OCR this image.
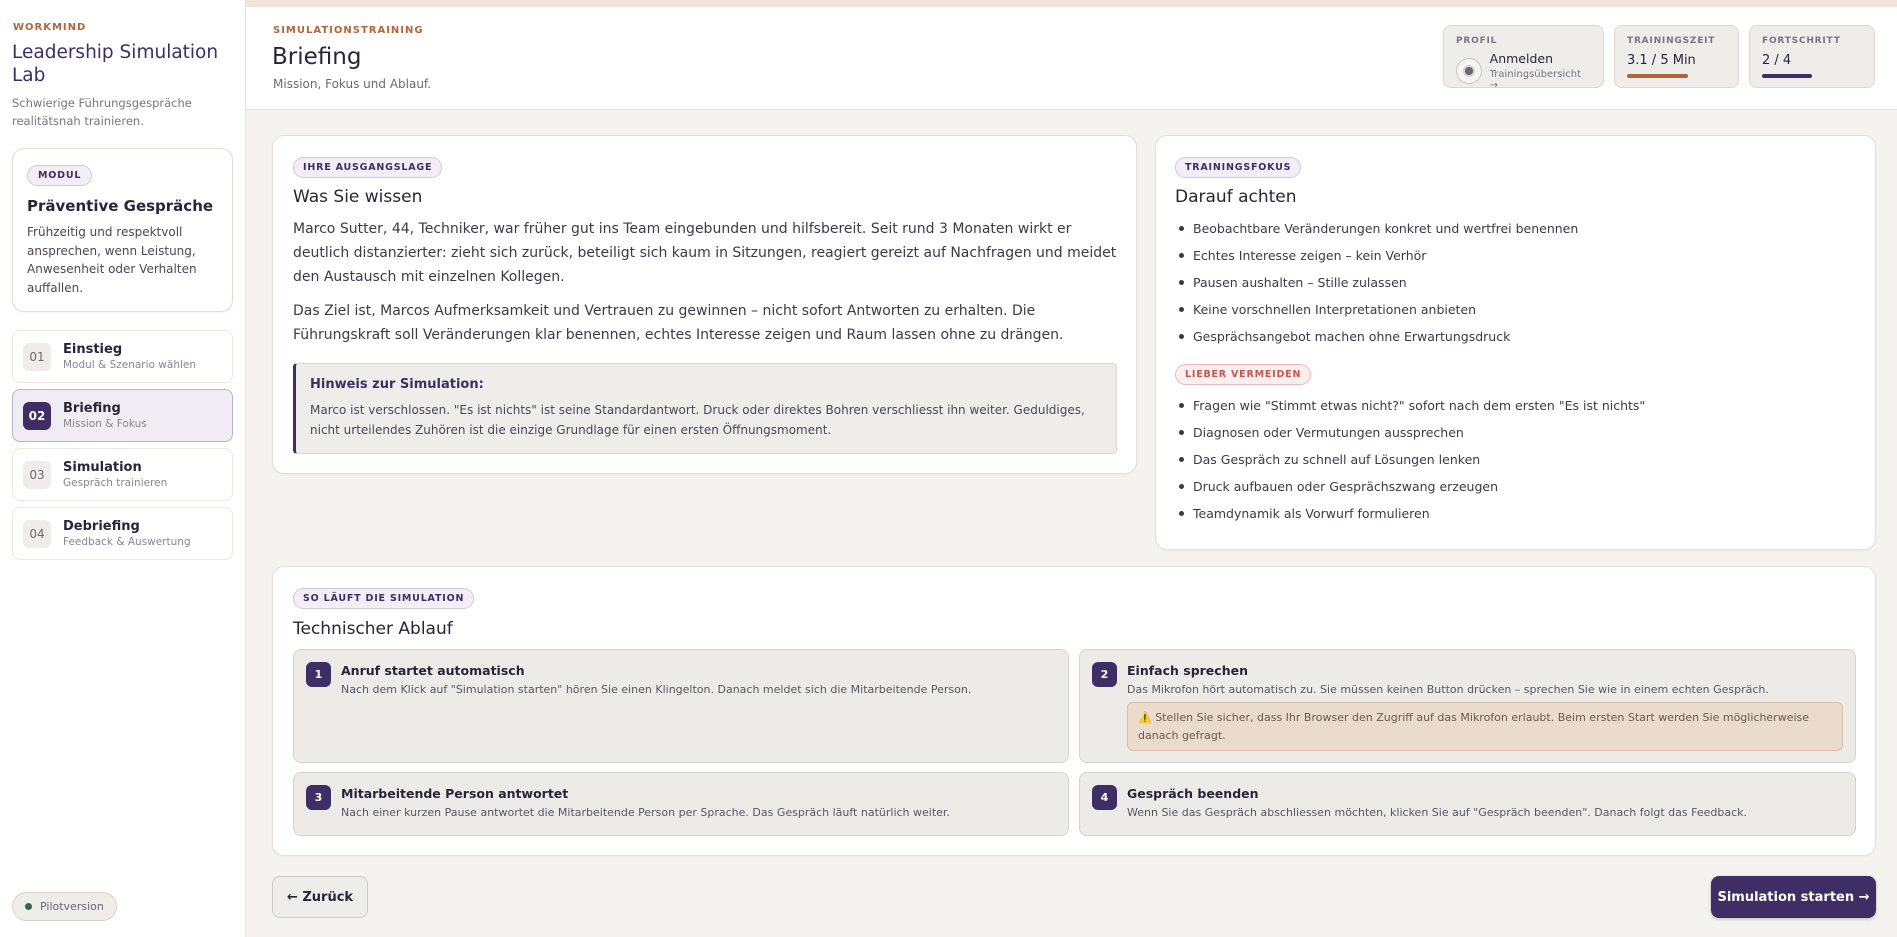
WORKMIND
Leadership Simulation Lab
Schwierige Führungsgespräche realitätsnah trainieren.
MODUL
Präventive Gespräche
Frühzeitig und respektvoll ansprechen, wenn Leistung, Anwesenheit oder Verhalten auffallen.
01	Einstieg
Modul & Szenario wählen
02	Briefing
Mission & Fokus
03	Simulation
Gespräch trainieren
04	Debriefing
Feedback & Auswertung
Pilotversion
SIMULATIONSTRAINING
Briefing
Mission, Fokus und Ablauf.
PROFIL
Anmelden
Trainingsübersicht →
TRAININGSZEIT
3.1 / 5 Min
FORTSCHRITT
2 / 4
IHRE AUSGANGSLAGE
Was Sie wissen
Marco Sutter, 44, Techniker, war früher gut ins Team eingebunden und hilfsbereit. Seit rund 3 Monaten wirkt er deutlich distanzierter: zieht sich zurück, beteiligt sich kaum in Sitzungen, reagiert gereizt auf Nachfragen und meidet den Austausch mit einzelnen Kollegen.
Das Ziel ist, Marcos Aufmerksamkeit und Vertrauen zu gewinnen – nicht sofort Antworten zu erhalten. Die Führungskraft soll Veränderungen klar benennen, echtes Interesse zeigen und Raum lassen ohne zu drängen.
Hinweis zur Simulation:
Marco ist verschlossen. "Es ist nichts" ist seine Standardantwort. Druck oder direktes Bohren verschliesst ihn weiter. Geduldiges, nicht urteilendes Zuhören ist die einzige Grundlage für einen ersten Öffnungsmoment.
TRAININGSFOKUS
Darauf achten
Beobachtbare Veränderungen konkret und wertfrei benennen
Echtes Interesse zeigen – kein Verhör
Pausen aushalten – Stille zulassen
Keine vorschnellen Interpretationen anbieten
Gesprächsangebot machen ohne Erwartungsdruck
LIEBER VERMEIDEN
Fragen wie "Stimmt etwas nicht?" sofort nach dem ersten "Es ist nichts"
Diagnosen oder Vermutungen aussprechen
Das Gespräch zu schnell auf Lösungen lenken
Druck aufbauen oder Gesprächszwang erzeugen
Teamdynamik als Vorwurf formulieren
SO LÄUFT DIE SIMULATION
Technischer Ablauf
1	Anruf startet automatisch
Nach dem Klick auf "Simulation starten" hören Sie einen Klingelton. Danach meldet sich die Mitarbeitende Person.
2	Einfach sprechen
Das Mikrofon hört automatisch zu. Sie müssen keinen Button drücken – sprechen Sie wie in einem echten Gespräch.
⚠️ Stellen Sie sicher, dass Ihr Browser den Zugriff auf das Mikrofon erlaubt. Beim ersten Start werden Sie möglicherweise danach gefragt.
3	Mitarbeitende Person antwortet
Nach einer kurzen Pause antwortet die Mitarbeitende Person per Sprache. Das Gespräch läuft natürlich weiter.
4	Gespräch beenden
Wenn Sie das Gespräch abschliessen möchten, klicken Sie auf "Gespräch beenden". Danach folgt das Feedback.
← Zurück	Simulation starten →
